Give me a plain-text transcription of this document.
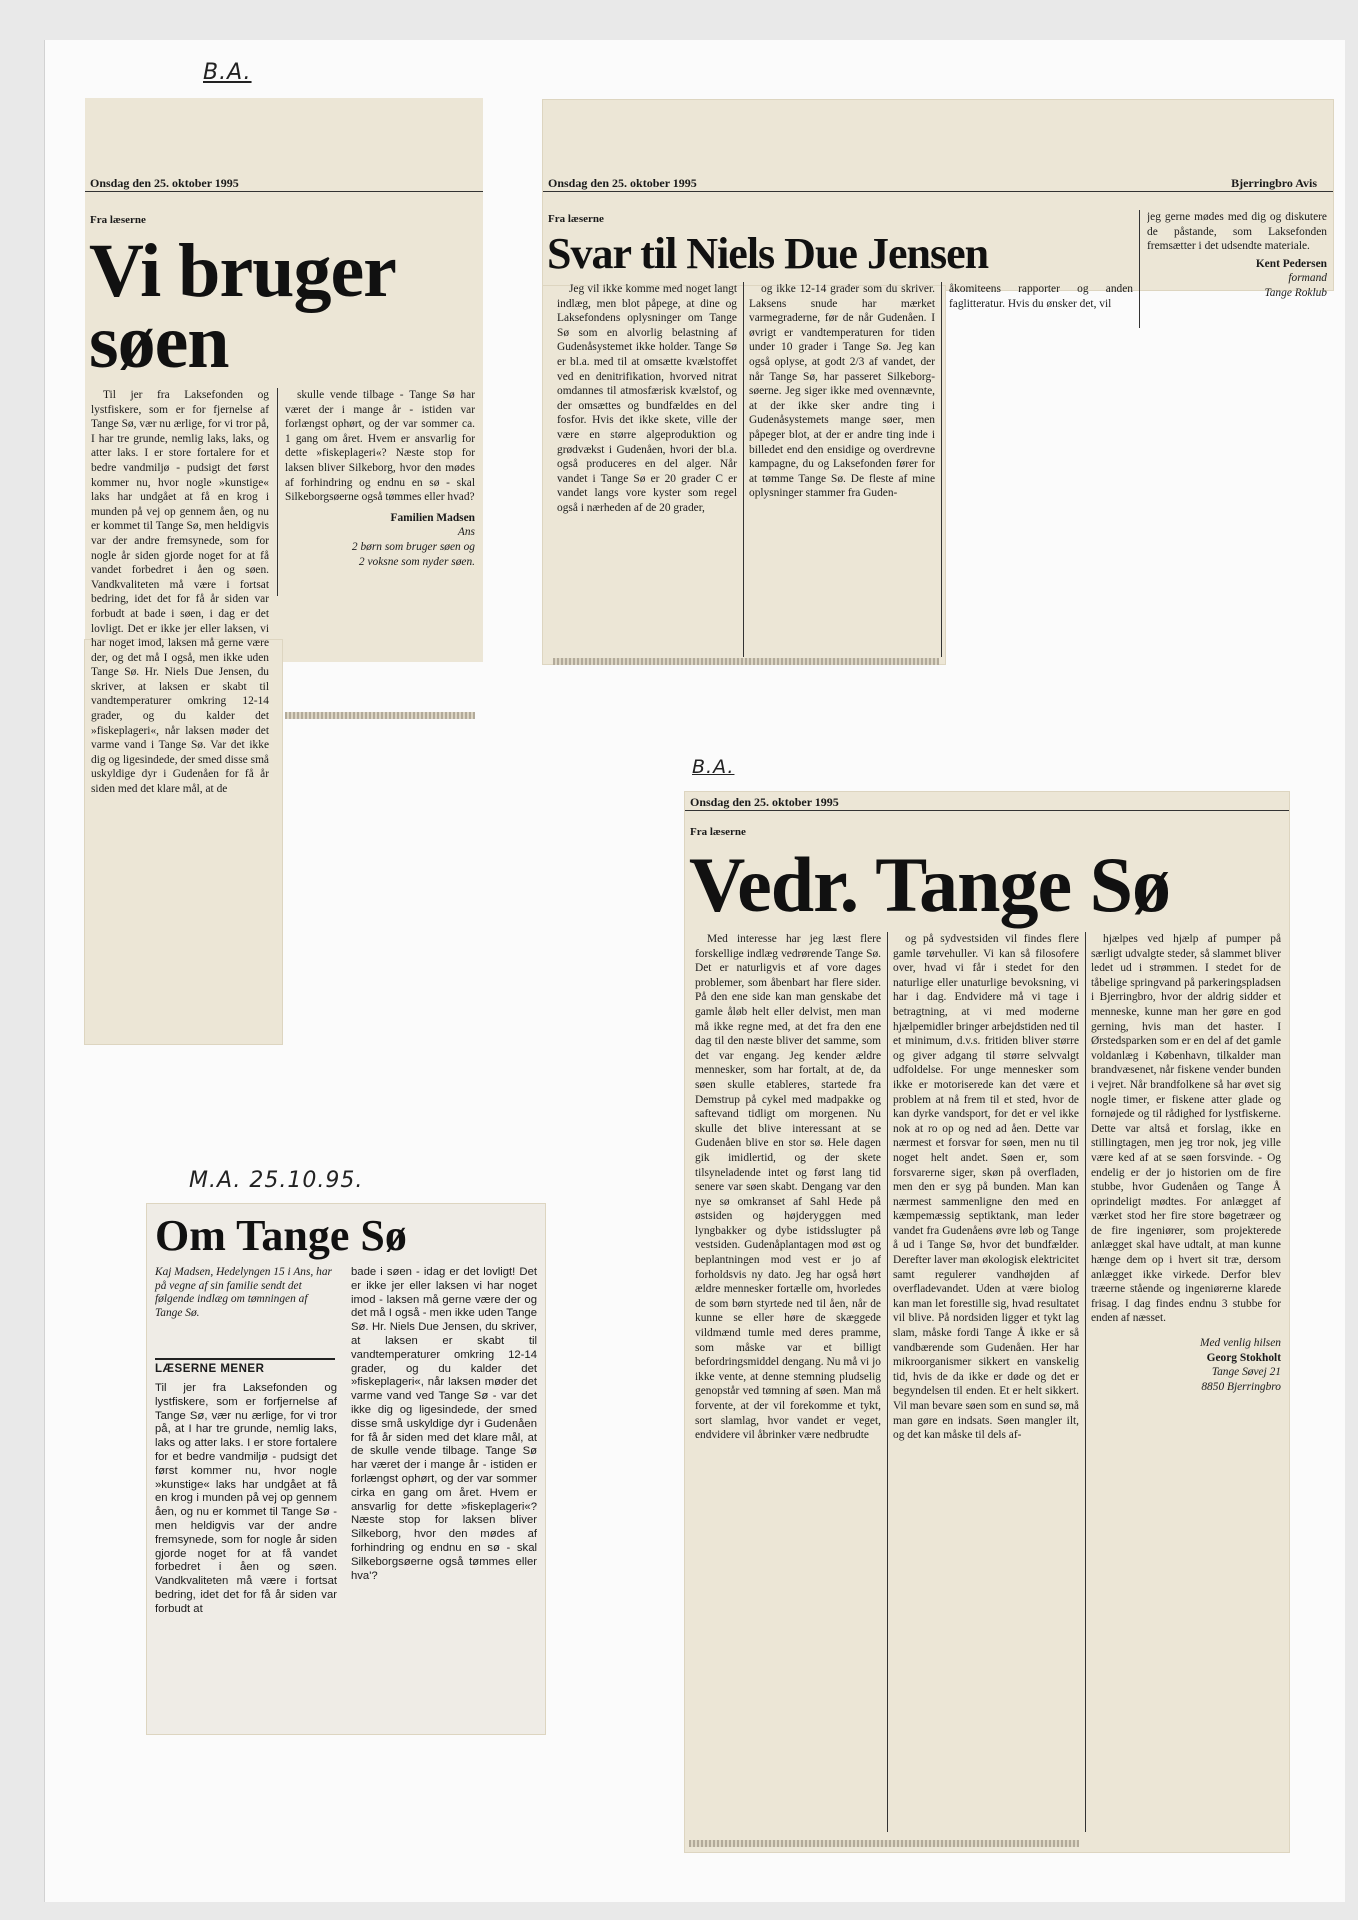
B.A.
B.A.
M.A. 25.10.95.
Onsdag den 25. oktober 1995
Fra læserne
Vi bruger
søen

Til jer fra Laksefonden og lystfiskere, som er for fjernelse af Tange Sø, vær nu ærlige, for vi tror på, I har tre grunde, nemlig laks, laks, og atter laks. I er store fortalere for et bedre vandmiljø - pudsigt det først kommer nu, hvor nogle »kunstige« laks har undgået at få en krog i munden på vej op gennem åen, og nu er kommet til Tange Sø, men heldigvis var der andre fremsynede, som for nogle år siden gjorde noget for at få vandet forbedret i åen og søen. Vandkvaliteten må være i fortsat bedring, idet det for få år siden var forbudt at bade i søen, i dag er det lovligt. Det er ikke jer eller laksen, vi har noget imod, laksen må gerne være der, og det må I også, men ikke uden Tange Sø. Hr. Niels Due Jensen, du skriver, at laksen er skabt til vandtemperaturer omkring 12-14 grader, og du kalder det »fiskeplageri«, når laksen møder det varme vand i Tange Sø. Var det ikke dig og ligesindede, der smed disse små uskyldige dyr i Gudenåen for få år siden med det klare mål, at de

skulle vende tilbage - Tange Sø har været der i mange år - istiden var forlængst ophørt, og der var sommer ca. 1 gang om året. Hvem er ansvarlig for dette »fiskeplageri«? Næste stop for laksen bliver Silkeborg, hvor den mødes af forhindring og endnu en sø - skal Silkeborgsøerne også tømmes eller hvad?

Familien Madsen

Ans

2 børn som bruger søen og

2 voksne som nyder søen.

Onsdag den 25. oktober 1995	Bjerringbro Avis
Fra læserne
Svar til Niels Due Jensen

Jeg vil ikke komme med noget langt indlæg, men blot påpege, at dine og Laksefondens oplysninger om Tange Sø som en alvorlig belastning af Gudenåsystemet ikke holder. Tange Sø er bl.a. med til at omsætte kvælstoffet ved en denitrifikation, hvorved nitrat omdannes til atmosfærisk kvælstof, og der omsættes og bundfældes en del fosfor. Hvis det ikke skete, ville der være en større algeproduktion og grødvækst i Gudenåen, hvori der bl.a. også produceres en del alger. Når vandet i Tange Sø er 20 grader C er vandet langs vore kyster som regel også i nærheden af de 20 grader,

og ikke 12-14 grader som du skriver. Laksens snude har mærket varmegraderne, før de når Gudenåen. I øvrigt er vandtemperaturen for tiden under 10 grader i Tange Sø. Jeg kan også oplyse, at godt 2/3 af vandet, der når Tange Sø, har passeret Silkeborg-søerne. Jeg siger ikke med ovennævnte, at der ikke sker andre ting i Gudenåsystemets mange søer, men påpeger blot, at der er andre ting inde i billedet end den ensidige og overdrevne kampagne, du og Laksefonden fører for at tømme Tange Sø. De fleste af mine oplysninger stammer fra Guden-

åkomiteens rapporter og anden faglitteratur. Hvis du ønsker det, vil

jeg gerne mødes med dig og diskutere de påstande, som Laksefonden fremsætter i det udsendte materiale.

Kent Pedersen

formand

Tange Roklub

Onsdag den 25. oktober 1995
Fra læserne
Vedr. Tange Sø

Med interesse har jeg læst flere forskellige indlæg vedrørende Tange Sø. Det er naturligvis et af vore dages problemer, som åbenbart har flere sider. På den ene side kan man genskabe det gamle åløb helt eller delvist, men man må ikke regne med, at det fra den ene dag til den næste bliver det samme, som det var engang. Jeg kender ældre mennesker, som har fortalt, at de, da søen skulle etableres, startede fra Demstrup på cykel med madpakke og saftevand tidligt om morgenen. Nu skulle det blive interessant at se Gudenåen blive en stor sø. Hele dagen gik imidlertid, og der skete tilsyneladende intet og først lang tid senere var søen skabt. Dengang var den nye sø omkranset af Sahl Hede på østsiden og højderyggen med lyngbakker og dybe istidsslugter på vestsiden. Gudenåplantagen mod øst og beplantningen mod vest er jo af forholdsvis ny dato. Jeg har også hørt ældre mennesker fortælle om, hvorledes de som børn styrtede ned til åen, når de kunne se eller høre de skæggede vildmænd tumle med deres pramme, som måske var et billigt befordringsmiddel dengang. Nu må vi jo ikke vente, at denne stemning pludselig genopstår ved tømning af søen. Man må forvente, at der vil forekomme et tykt, sort slamlag, hvor vandet er veget, endvidere vil åbrinker være nedbrudte

og på sydvestsiden vil findes flere gamle tørvehuller. Vi kan så filosofere over, hvad vi får i stedet for den naturlige eller unaturlige bevoksning, vi har i dag. Endvidere må vi tage i betragtning, at vi med moderne hjælpemidler bringer arbejdstiden ned til et minimum, d.v.s. fritiden bliver større og giver adgang til større selvvalgt udfoldelse. For unge mennesker som ikke er motoriserede kan det være et problem at nå frem til et sted, hvor de kan dyrke vandsport, for det er vel ikke nok at ro op og ned ad åen. Dette var nærmest et forsvar for søen, men nu til noget helt andet. Søen er, som forsvarerne siger, skøn på overfladen, men den er syg på bunden. Man kan nærmest sammenligne den med en kæmpemæssig septiktank, man leder vandet fra Gudenåens øvre løb og Tange å ud i Tange Sø, hvor det bundfælder. Derefter laver man økologisk elektricitet samt regulerer vandhøjden af overfladevandet. Uden at være biolog kan man let forestille sig, hvad resultatet vil blive. På nordsiden ligger et tykt lag slam, måske fordi Tange Å ikke er så vandbærende som Gudenåen. Her har mikroorganismer sikkert en vanskelig tid, hvis de da ikke er døde og det er begyndelsen til enden. Et er helt sikkert. Vil man bevare søen som en sund sø, må man gøre en indsats. Søen mangler ilt, og det kan måske til dels af-

hjælpes ved hjælp af pumper på særligt udvalgte steder, så slammet bliver ledet ud i strømmen. I stedet for de tåbelige springvand på parkeringspladsen i Bjerringbro, hvor der aldrig sidder et menneske, kunne man her gøre en god gerning, hvis man det haster. I Ørstedsparken som er en del af det gamle voldanlæg i København, tilkalder man brandvæsenet, når fiskene vender bunden i vejret. Når brandfolkene så har øvet sig nogle timer, er fiskene atter glade og fornøjede og til rådighed for lystfiskerne. Dette var altså et forslag, ikke en stillingtagen, men jeg tror nok, jeg ville være ked af at se søen forsvinde. - Og endelig er der jo historien om de fire stubbe, hvor Gudenåen og Tange Å oprindeligt mødtes. For anlægget af værket stod her fire store bøgetræer og de fire ingeniører, som projekterede anlægget skal have udtalt, at man kunne hænge dem op i hvert sit træ, dersom anlægget ikke virkede. Derfor blev træerne stående og ingeniørerne klarede frisag. I dag findes endnu 3 stubbe for enden af næsset.

Med venlig hilsen

Georg Stokholt

Tange Søvej 21

8850 Bjerringbro

Om Tange Sø
Kaj Madsen, Hedelyngen 15 i Ans, har på vegne af sin familie sendt det følgende indlæg om tømningen af Tange Sø.
LÆSERNE MENER

Til jer fra Laksefonden og lystfiskere, som er forfjernelse af Tange Sø, vær nu ærlige, for vi tror på, at I har tre grunde, nemlig laks, laks og atter laks. I er store fortalere for et bedre vandmiljø - pudsigt det først kommer nu, hvor nogle »kunstige« laks har undgået at få en krog i munden på vej op gennem åen, og nu er kommet til Tange Sø - men heldigvis var der andre fremsynede, som for nogle år siden gjorde noget for at få vandet forbedret i åen og søen. Vandkvaliteten må være i fortsat bedring, idet det for få år siden var forbudt at

bade i søen - idag er det lovligt! Det er ikke jer eller laksen vi har noget imod - laksen må gerne være der og det må I også - men ikke uden Tange Sø. Hr. Niels Due Jensen, du skriver, at laksen er skabt til vandtemperaturer omkring 12-14 grader, og du kalder det »fiskeplageri«, når laksen møder det varme vand ved Tange Sø - var det ikke dig og ligesindede, der smed disse små uskyldige dyr i Gudenåen for få år siden med det klare mål, at de skulle vende tilbage. Tange Sø har været der i mange år - istiden er forlængst ophørt, og der var sommer cirka en gang om året. Hvem er ansvarlig for dette »fiskeplageri«? Næste stop for laksen bliver Silkeborg, hvor den mødes af forhindring og endnu en sø - skal Silkeborgsøerne også tømmes eller hva'?
